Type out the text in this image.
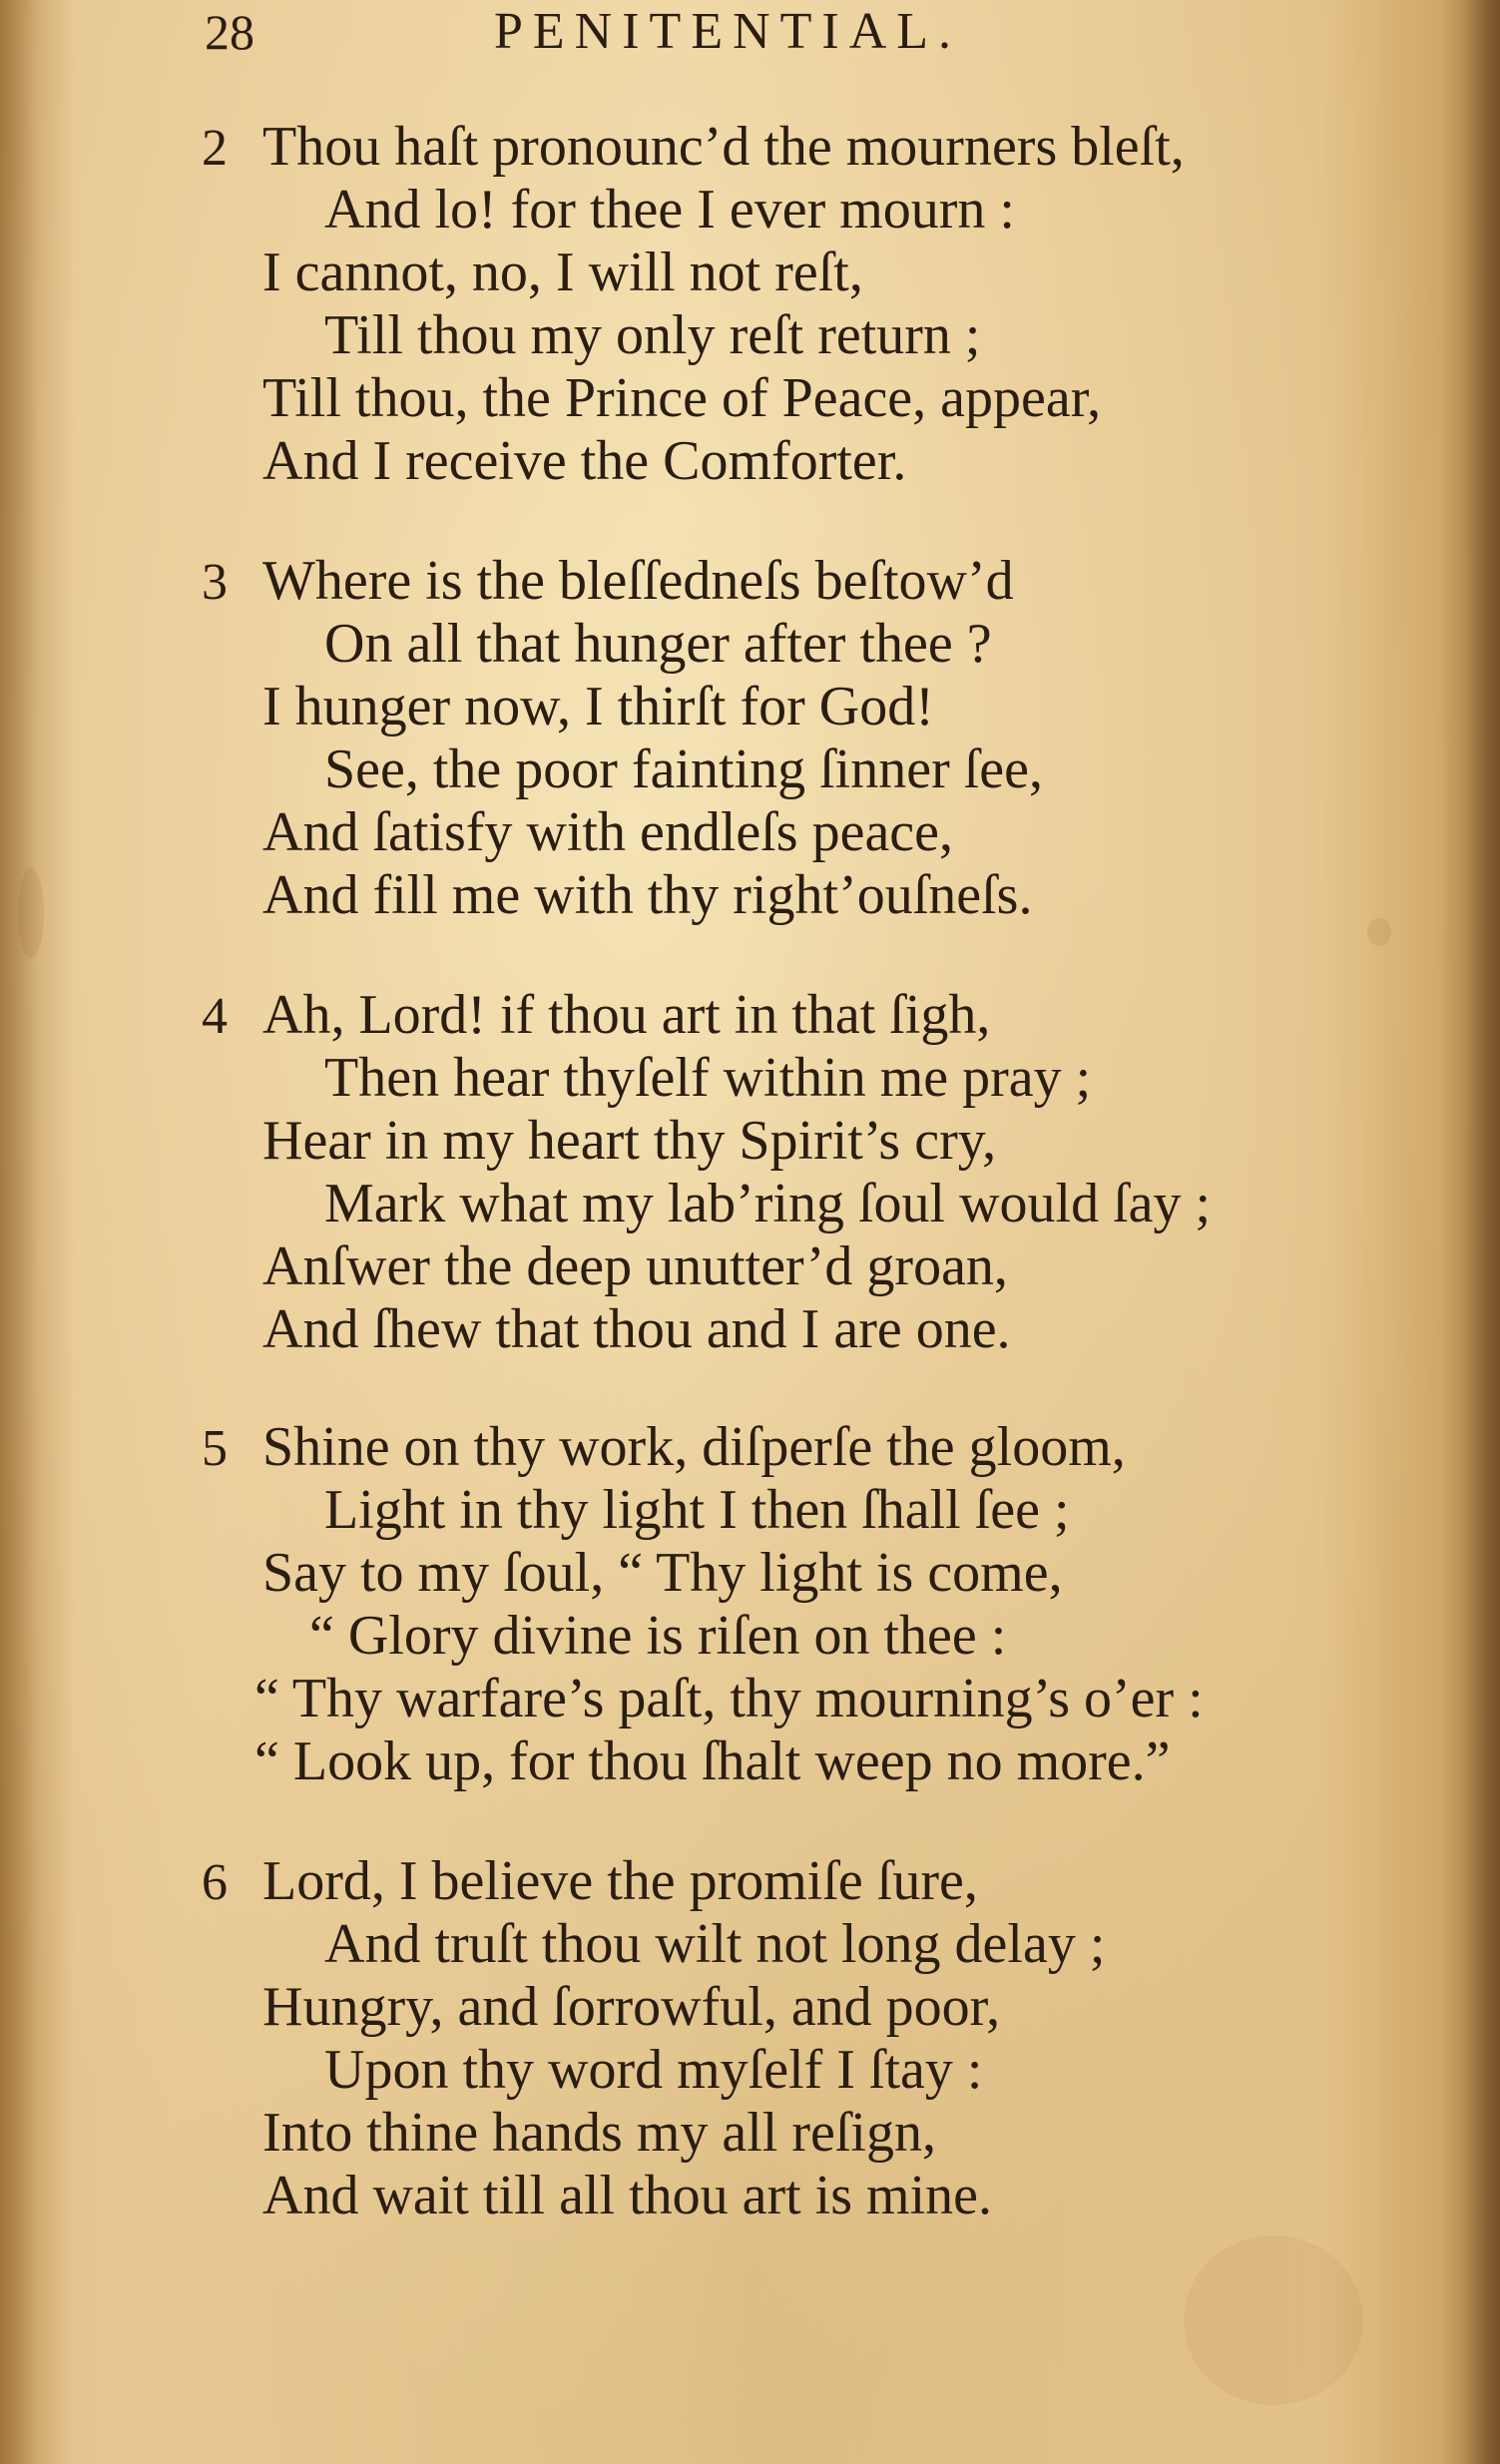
28	PENITENTIAL.
2 Thou haſt pronounc’d the mourners bleſt,
And lo! for thee I ever mourn :
I cannot, no, I will not reſt,
Till thou my only reſt return ;
Till thou, the Prince of Peace, appear,
And I receive the Comforter.
3 Where is the bleſſedneſs beſtow’d
On all that hunger after thee ?
I hunger now, I thirſt for God!
See, the poor fainting ſinner ſee,
And ſatisfy with endleſs peace,
And fill me with thy right’ouſneſs.
4 Ah, Lord! if thou art in that ſigh,
Then hear thyſelf within me pray ;
Hear in my heart thy Spirit’s cry,
Mark what my lab’ring ſoul would ſay ;
Anſwer the deep unutter’d groan,
And ſhew that thou and I are one.
5 Shine on thy work, diſperſe the gloom,
Light in thy light I then ſhall ſee ;
Say to my ſoul, “ Thy light is come,
“ Glory divine is riſen on thee :
“ Thy warfare’s paſt, thy mourning’s o’er :
“ Look up, for thou ſhalt weep no more.”
6 Lord, I believe the promiſe ſure,
And truſt thou wilt not long delay ;
Hungry, and ſorrowful, and poor,
Upon thy word myſelf I ſtay :
Into thine hands my all reſign,
And wait till all thou art is mine.
